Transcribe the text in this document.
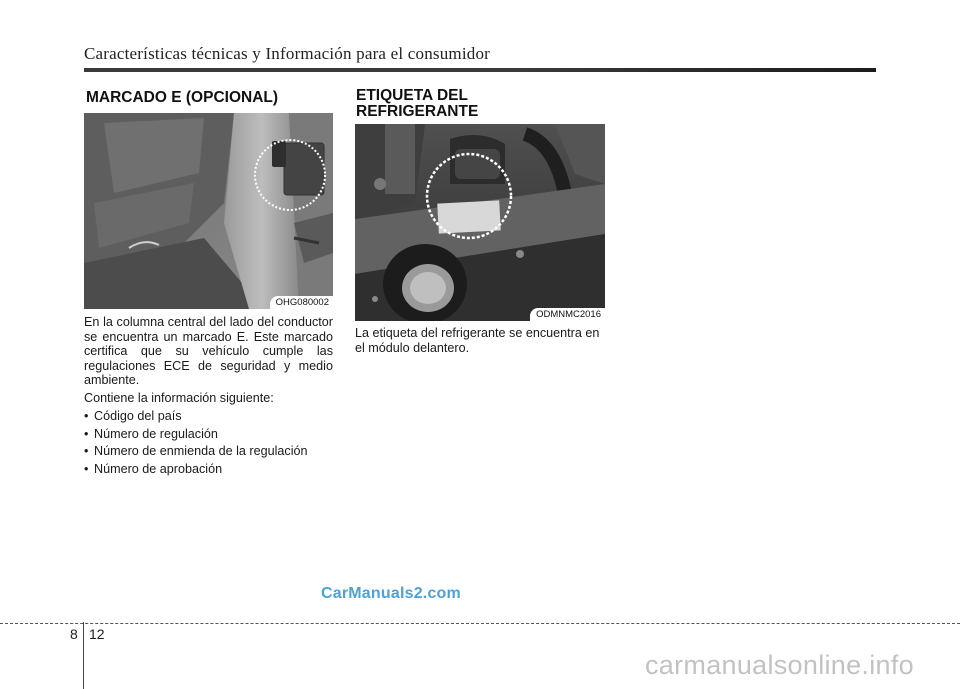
Características técnicas y Información para el consumidor
MARCADO E (OPCIONAL)
OHG080002

En la columna central del lado del conductor se encuentra un marcado E. Este marcado certifica que su vehículo cumple las regulaciones ECE de seguridad y medio ambiente.

Contiene la información siguiente:

• Código del país
• Número de regulación
• Número de enmienda de la regulación
• Número de aprobación
ETIQUETA DEL
REFRIGERANTE
ODMNMC2016

La etiqueta del refrigerante se encuentra en el módulo delantero.

CarManuals2.com
8 12
carmanualsonline.info
